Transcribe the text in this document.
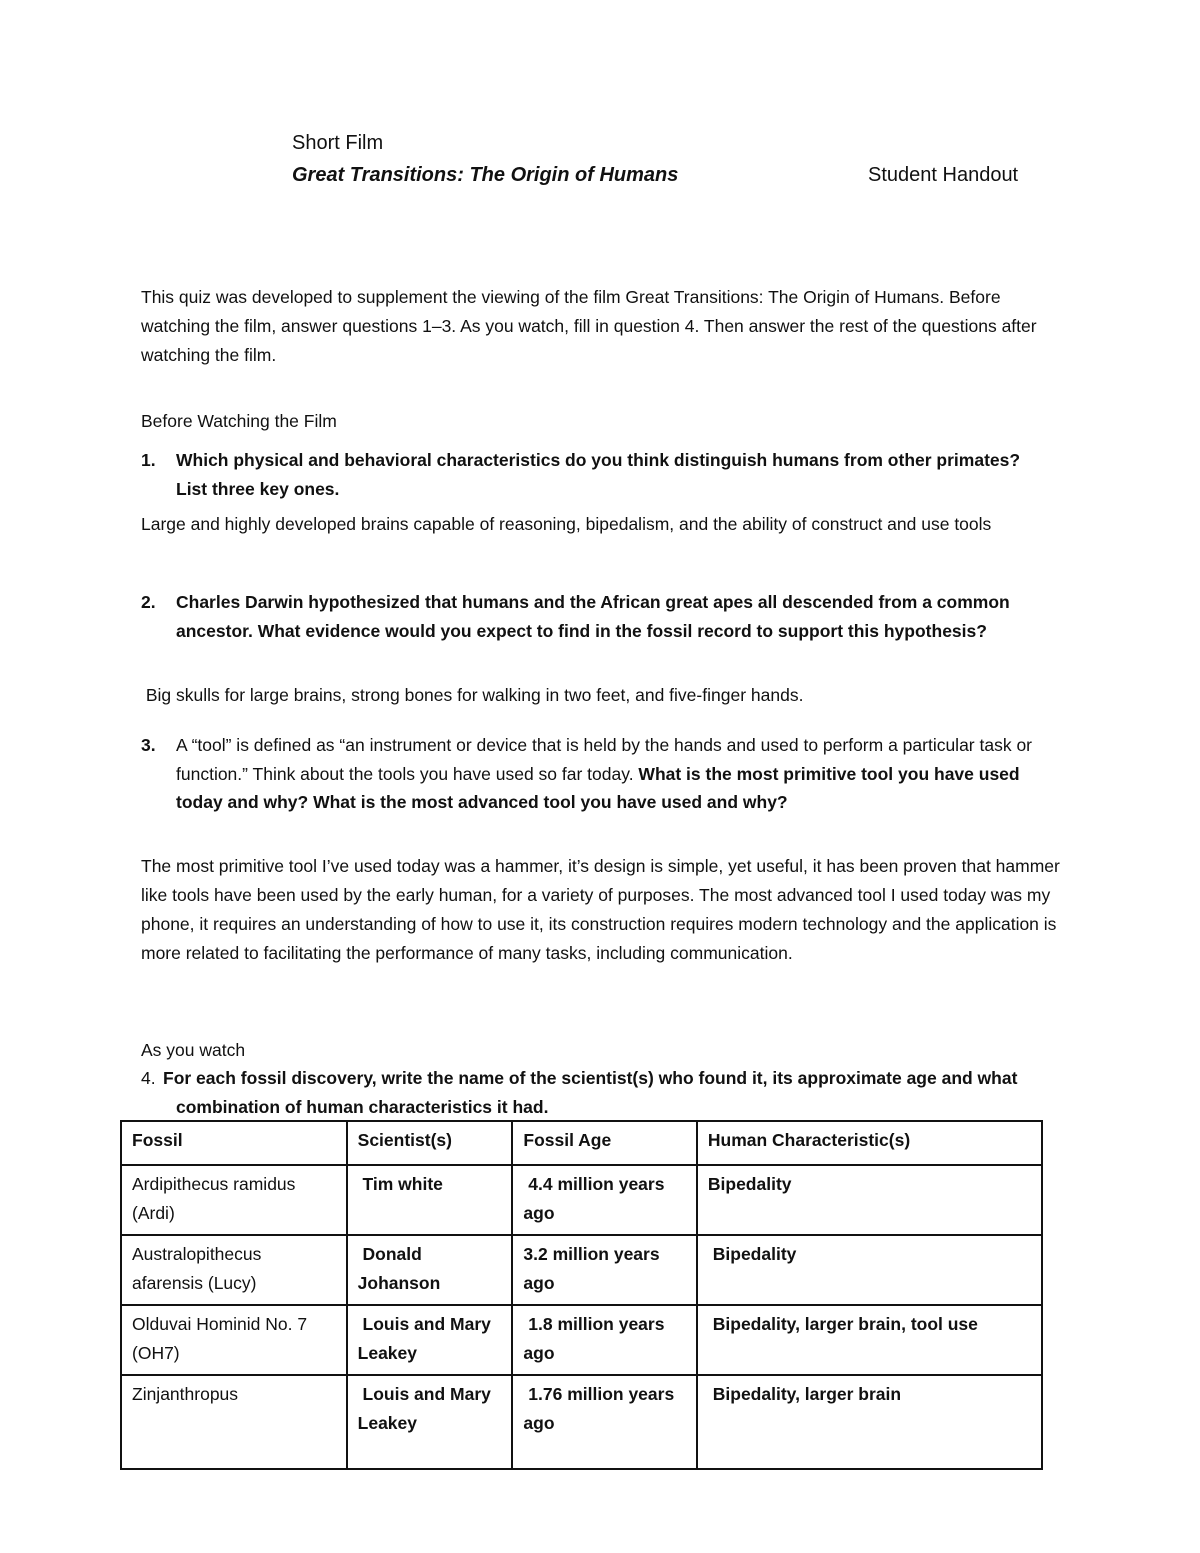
Short Film
Great Transitions: The Origin of Humans	Student Handout
This quiz was developed to supplement the viewing of the film Great Transitions: The Origin of Humans. Before watching the film, answer questions 1–3. As you watch, fill in question 4. Then answer the rest of the questions after watching the film.
Before Watching the Film
1. Which physical and behavioral characteristics do you think distinguish humans from other primates? List three key ones.
Large and highly developed brains capable of reasoning, bipedalism, and the ability of construct and use tools
2. Charles Darwin hypothesized that humans and the African great apes all descended from a common ancestor. What evidence would you expect to find in the fossil record to support this hypothesis?
Big skulls for large brains, strong bones for walking in two feet, and five-finger hands.
3. A “tool” is defined as “an instrument or device that is held by the hands and used to perform a particular task or function.” Think about the tools you have used so far today. What is the most primitive tool you have used today and why? What is the most advanced tool you have used and why?
The most primitive tool I’ve used today was a hammer, it’s design is simple, yet useful, it has been proven that hammer like tools have been used by the early human, for a variety of purposes. The most advanced tool I used today was my phone, it requires an understanding of how to use it, its construction requires modern technology and the application is more related to facilitating the performance of many tasks, including communication.
As you watch
4. For each fossil discovery, write the name of the scientist(s) who found it, its approximate age and what combination of human characteristics it had.
Fossil	Scientist(s)	Fossil Age	Human Characteristic(s)
Ardipithecus ramidus (Ardi)	Tim white	4.4 million years ago	Bipedality
Australopithecus afarensis (Lucy)	Donald Johanson	3.2 million years ago	Bipedality
Olduvai Hominid No. 7 (OH7)	Louis and Mary Leakey	1.8 million years ago	Bipedality, larger brain, tool use
Zinjanthropus	Louis and Mary Leakey	1.76 million years ago	Bipedality, larger brain
